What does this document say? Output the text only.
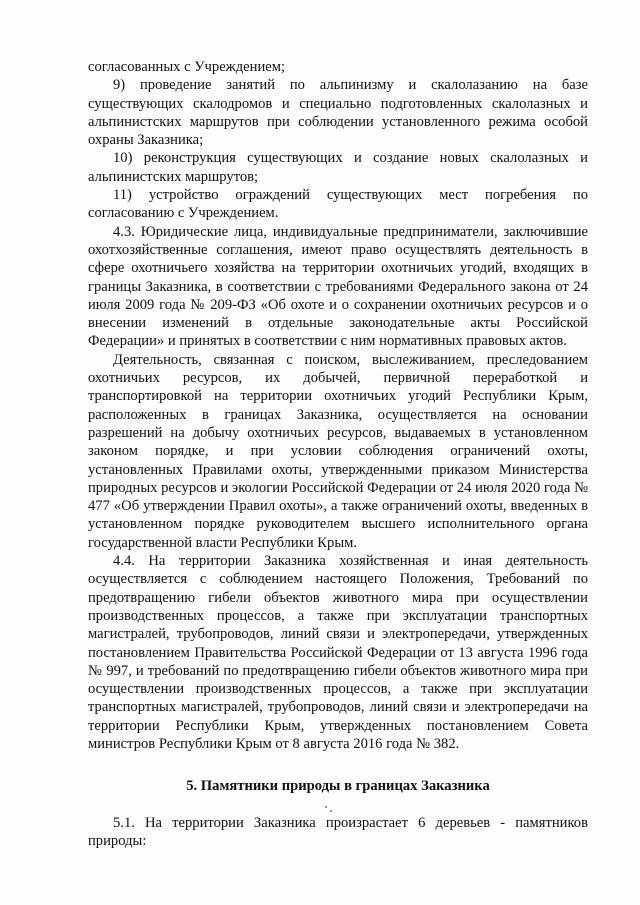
согласованных с Учреждением;

9) проведение занятий по альпинизму и скалолазанию на базе существующих скалодромов и специально подготовленных скалолазных и альпинистских маршрутов при соблюдении установленного режима особой охраны Заказника;

10) реконструкция существующих и создание новых скалолазных и альпинистских маршрутов;

11) устройство ограждений существующих мест погребения по согласованию с Учреждением.

4.3. Юридические лица, индивидуальные предприниматели, заключившие охотхозяйственные соглашения, имеют право осуществлять деятельность в сфере охотничьего хозяйства на территории охотничьих угодий, входящих в границы Заказника, в соответствии с требованиями Федерального закона от 24 июля 2009 года № 209-ФЗ «Об охоте и о сохранении охотничьих ресурсов и о внесении изменений в отдельные законодательные акты Российской Федерации» и принятых в соответствии с ним нормативных правовых актов.

Деятельность, связанная с поиском, выслеживанием, преследованием охотничьих ресурсов, их добычей, первичной переработкой и транспортировкой на территории охотничьих угодий Республики Крым, расположенных в границах Заказника, осуществляется на основании разрешений на добычу охотничьих ресурсов, выдаваемых в установленном законом порядке, и при условии соблюдения ограничений охоты, установленных Правилами охоты, утвержденными приказом Министерства природных ресурсов и экологии Российской Федерации от 24 июля 2020 года № 477 «Об утверждении Правил охоты», а также ограничений охоты, введенных в установленном порядке руководителем высшего исполнительного органа государственной власти Республики Крым.

4.4. На территории Заказника хозяйственная и иная деятельность осуществляется с соблюдением настоящего Положения, Требований по предотвращению гибели объектов животного мира при осуществлении производственных процессов, а также при эксплуатации транспортных магистралей, трубопроводов, линий связи и электропередачи, утвержденных постановлением Правительства Российской Федерации от 13 августа 1996 года № 997, и требований по предотвращению гибели объектов животного мира при осуществлении производственных процессов, а также при эксплуатации транспортных магистралей, трубопроводов, линий связи и электропередачи на территории Республики Крым, утвержденных постановлением Совета министров Республики Крым от 8 августа 2016 года № 382.

5. Памятники природы в границах Заказника

5.1. На территории Заказника произрастает 6 деревьев - памятников природы:
